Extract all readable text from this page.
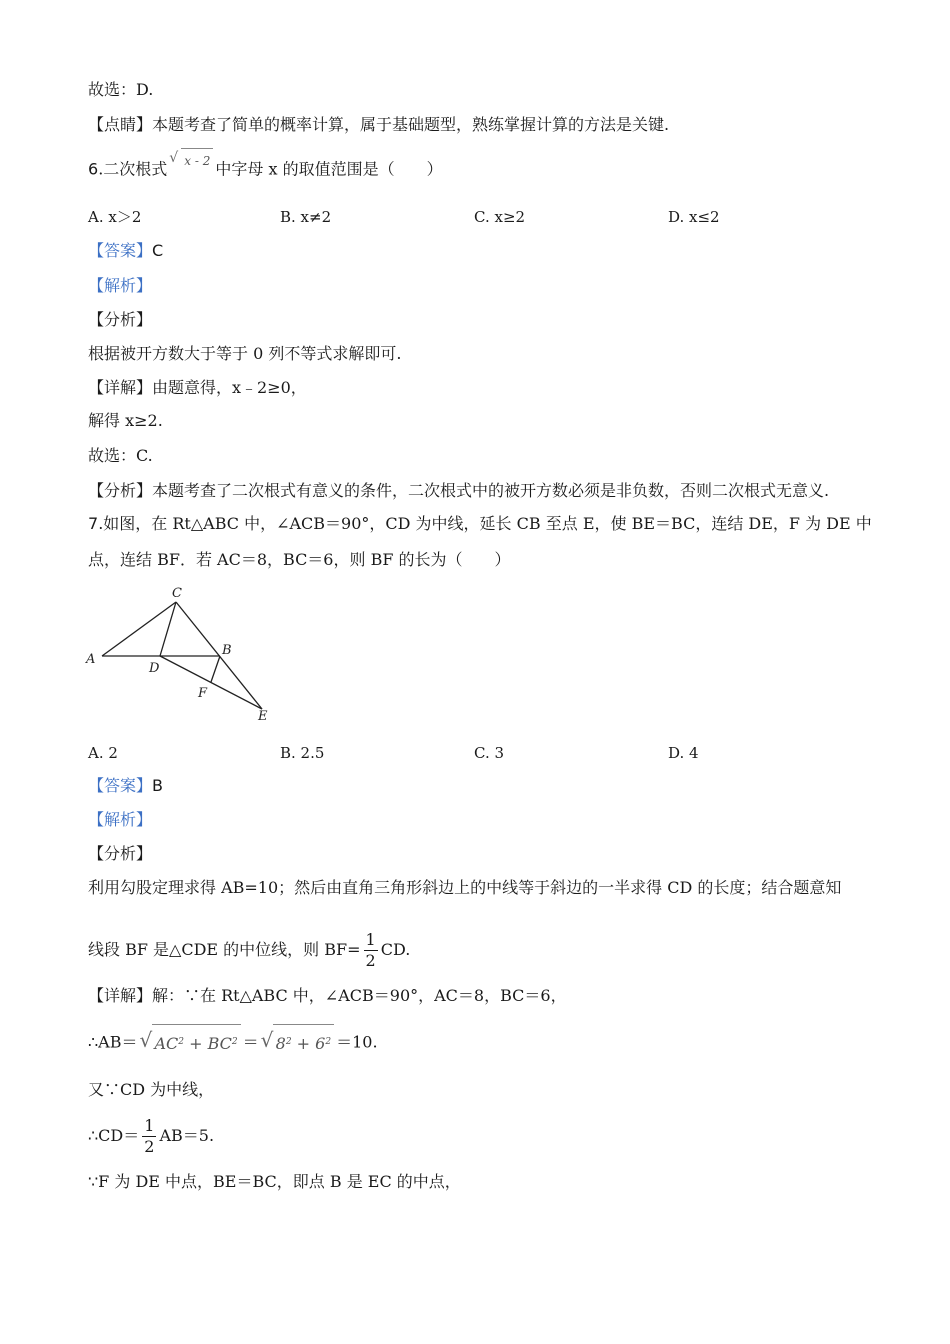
故选：D.
【点睛】本题考查了简单的概率计算，属于基础题型，熟练掌握计算的方法是关键.
6.二次根式
√ x - 2 中字母 x 的取值范围是（　　）
A. x＞2	B. x≠2	C. x≥2	D. x≤2
【答案】C
【解析】
【分析】
根据被开方数大于等于 0 列不等式求解即可.
【详解】由题意得，x﹣2≥0，
解得 x≥2.
故选：C.
【分析】本题考查了二次根式有意义的条件，二次根式中的被开方数必须是非负数，否则二次根式无意义.
7.如图，在 Rt△ABC 中，∠ACB＝90°，CD 为中线，延长 CB 至点 E，使 BE＝BC，连结 DE，F 为 DE 中
点，连结 BF．若 AC＝8，BC＝6，则 BF 的长为（　　）
A
C
D
B
F
E
A. 2	B. 2.5	C. 3	D. 4
【答案】B
【解析】
【分析】
利用勾股定理求得 AB=10；然后由直角三角形斜边上的中线等于斜边的一半求得 CD 的长度；结合题意知
线段 BF 是△CDE 的中位线，则 $BF= \frac{1}{2}$ CD.
【详解】解：∵在 Rt△ABC 中，∠ACB＝90°，AC＝8，BC＝6，
∴AB＝ √ $AC^2 + BC^2$ ＝ √ $8^2 + 6^2 =10$.
又∵CD 为中线，
∴CD＝ $\frac{1}{2} AB=5$.
∵F 为 DE 中点，BE＝BC，即点 B 是 EC 的中点，
